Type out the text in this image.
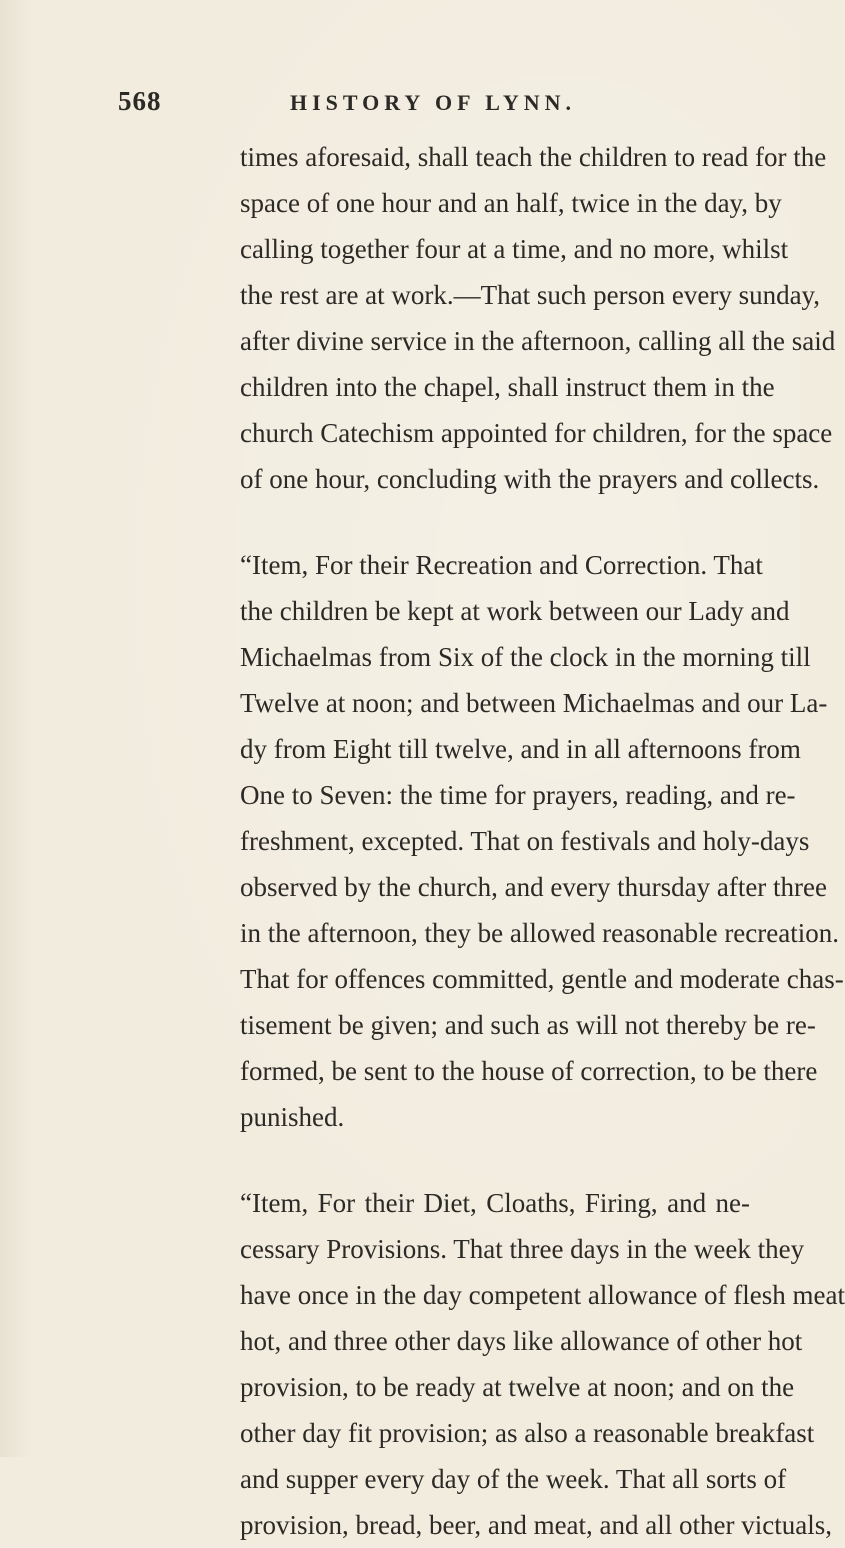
568	HISTORY OF LYNN.
times aforesaid, shall teach the children to read for the
space of one hour and an half, twice in the day, by
calling together four at a time, and no more, whilst
the rest are at work.—That such person every sunday,
after divine service in the afternoon, calling all the said
children into the chapel, shall instruct them in the
church Catechism appointed for children, for the space
of one hour, concluding with the prayers and collects.
“Item, For their Recreation and Correction. That
the children be kept at work between our Lady and
Michaelmas from Six of the clock in the morning till
Twelve at noon; and between Michaelmas and our La-
dy from Eight till twelve, and in all afternoons from
One to Seven: the time for prayers, reading, and re-
freshment, excepted. That on festivals and holy-days
observed by the church, and every thursday after three
in the afternoon, they be allowed reasonable recreation.
That for offences committed, gentle and moderate chas-
tisement be given; and such as will not thereby be re-
formed, be sent to the house of correction, to be there
punished.
“Item, For their Diet, Cloaths, Firing, and ne-
cessary Provisions. That three days in the week they
have once in the day competent allowance of flesh meat
hot, and three other days like allowance of other hot
provision, to be ready at twelve at noon; and on the
other day fit provision; as also a reasonable breakfast
and supper every day of the week. That all sorts of
provision, bread, beer, and meat, and all other victuals,
